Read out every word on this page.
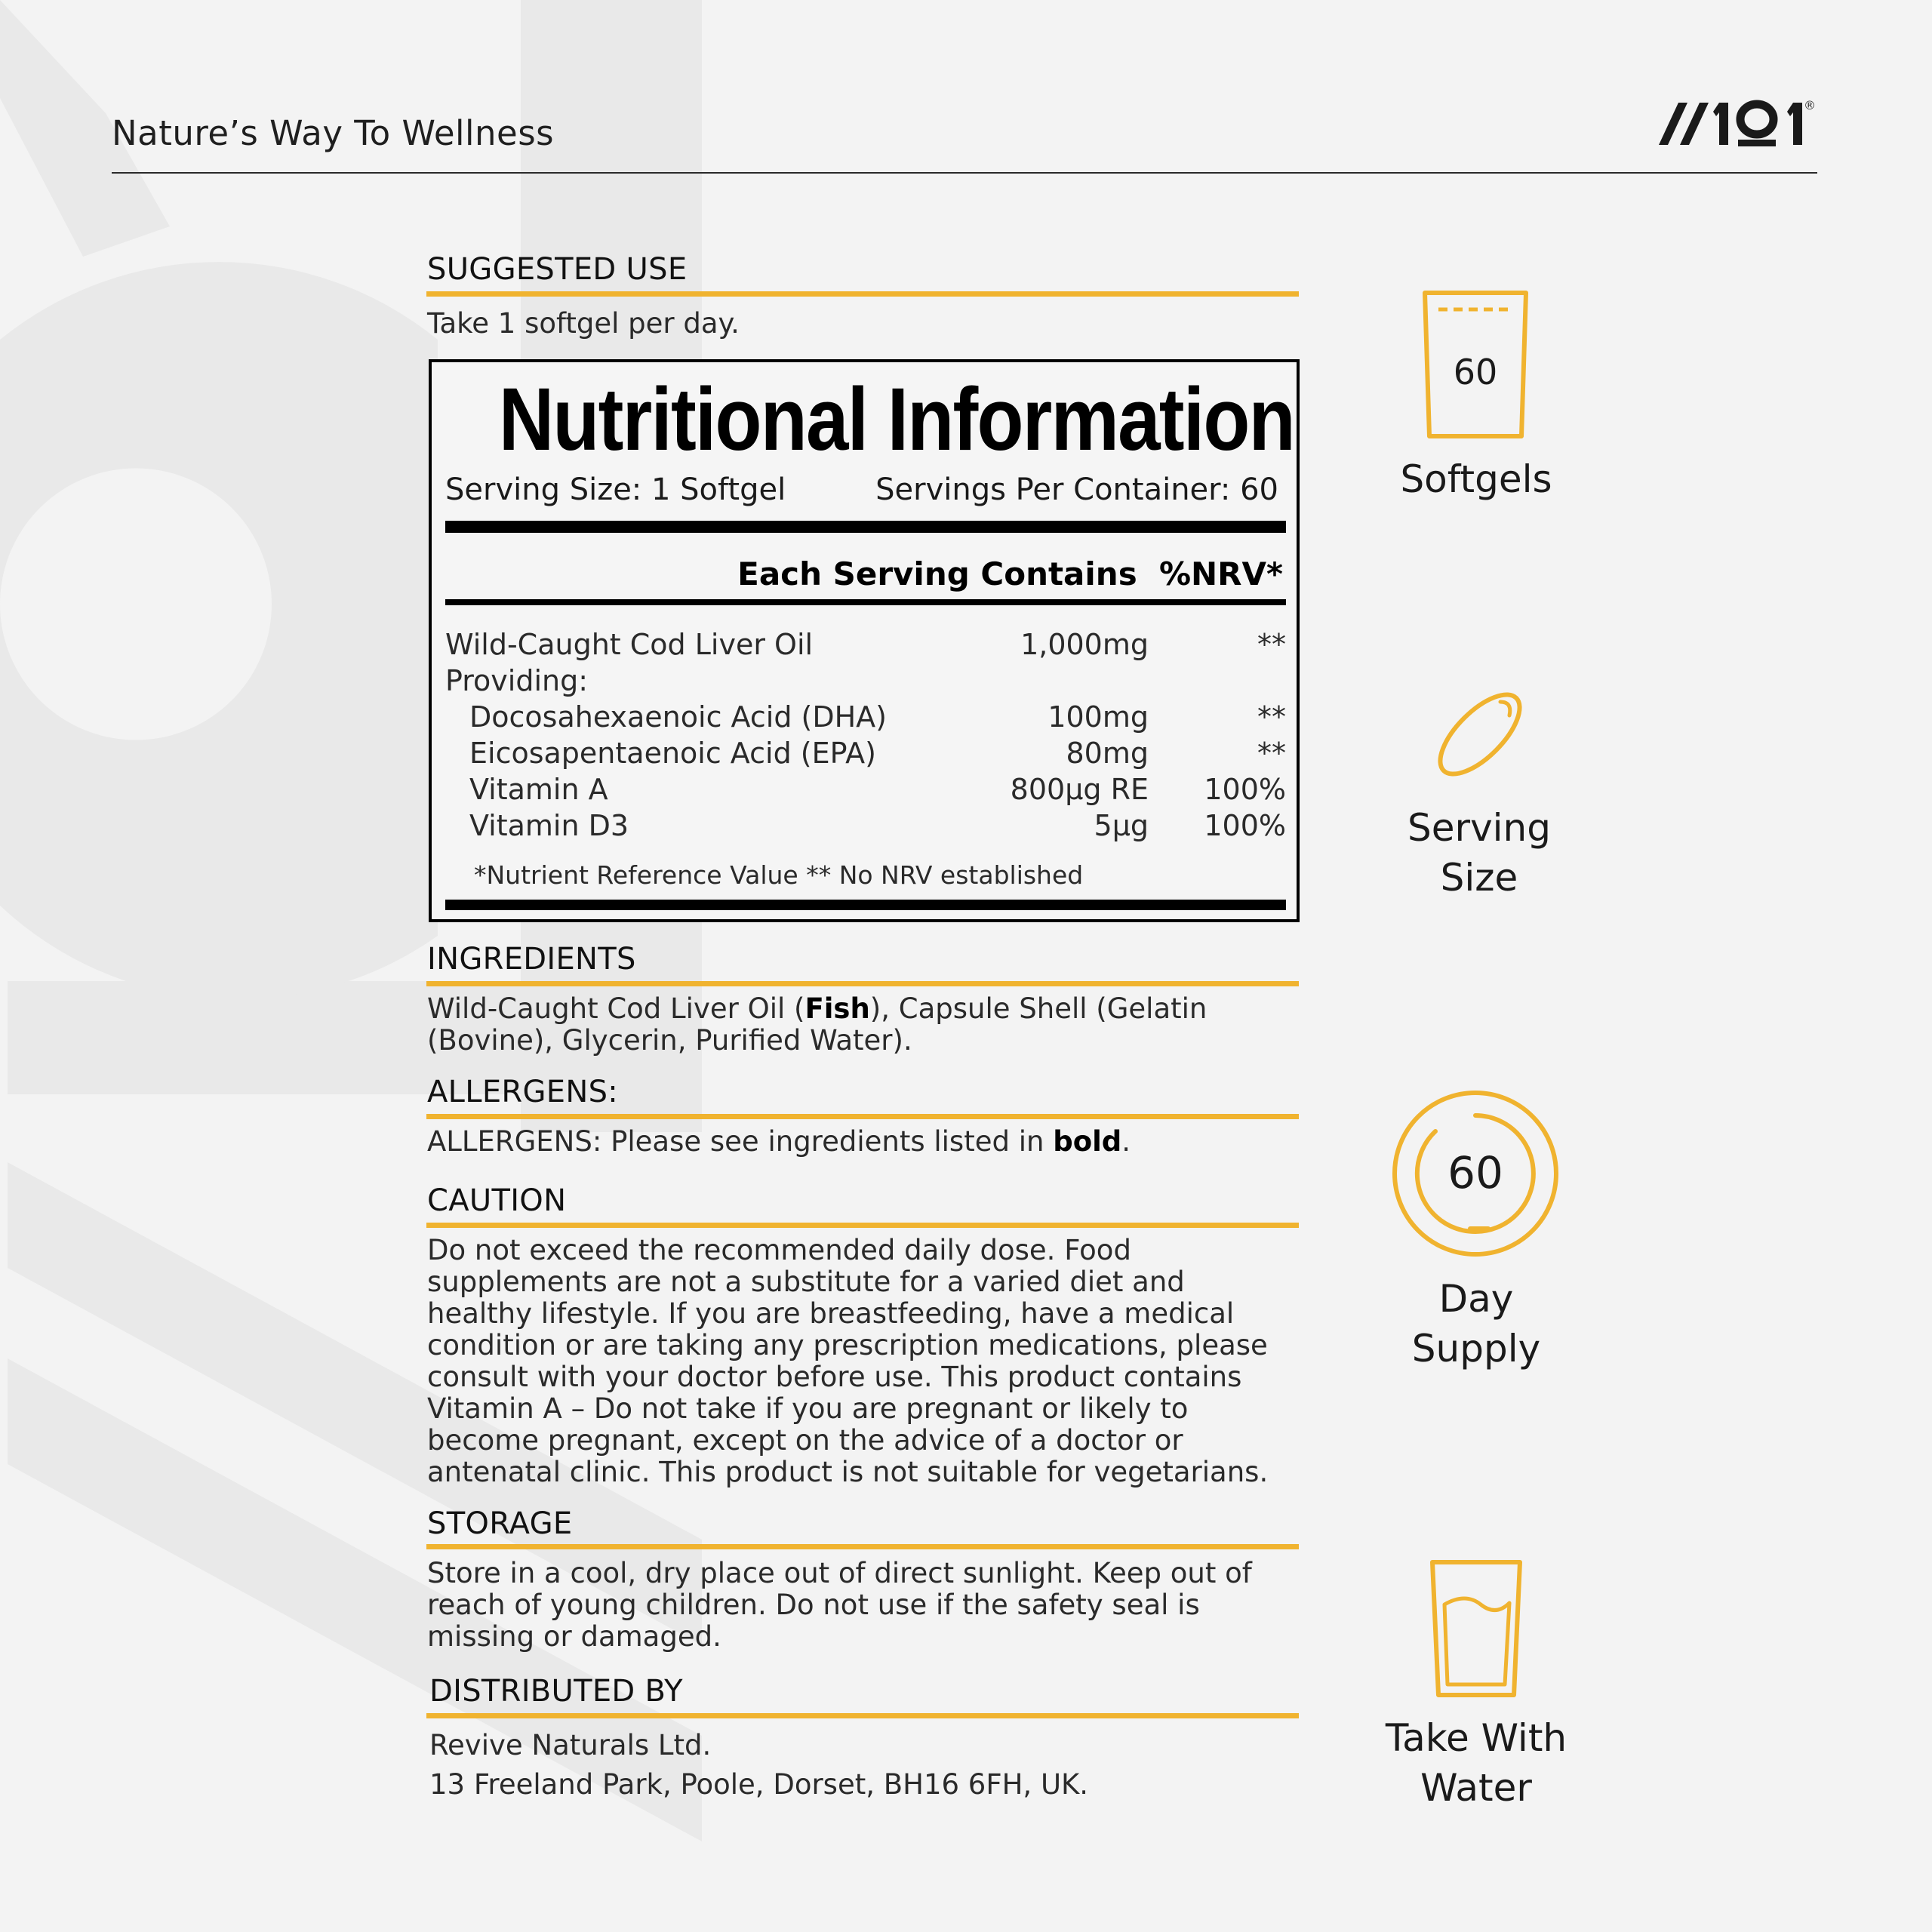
Nature’s Way To Wellness
®
SUGGESTED USE
Take 1 softgel per day.
Nutritional Information
Serving Size: 1 Softgel	Servings Per Container: 60
Each Serving Contains %NRV*
Wild-Caught Cod Liver Oil	1,000mg	**
Providing:
Docosahexaenoic Acid (DHA)	100mg	**
Eicosapentaenoic Acid (EPA)	80mg	**
Vitamin A	800µg RE 100%
Vitamin D3	5µg 100%
*Nutrient Reference Value ** No NRV established
INGREDIENTS
Wild-Caught Cod Liver Oil (Fish), Capsule Shell (Gelatin (Bovine), Glycerin, Purified Water).
ALLERGENS:
ALLERGENS: Please see ingredients listed in bold.
CAUTION
Do not exceed the recommended daily dose. Food supplements are not a substitute for a varied diet and healthy lifestyle. If you are breastfeeding, have a medical condition or are taking any prescription medications, please consult with your doctor before use. This product contains Vitamin A – Do not take if you are pregnant or likely to become pregnant, except on the advice of a doctor or antenatal clinic. This product is not suitable for vegetarians.
STORAGE
Store in a cool, dry place out of direct sunlight. Keep out of reach of young children. Do not use if the safety seal is missing or damaged.
DISTRIBUTED BY
Revive Naturals Ltd.
13 Freeland Park, Poole, Dorset, BH16 6FH, UK.
60
Softgels
Serving
Size
60
Day
Supply
Take With
Water
